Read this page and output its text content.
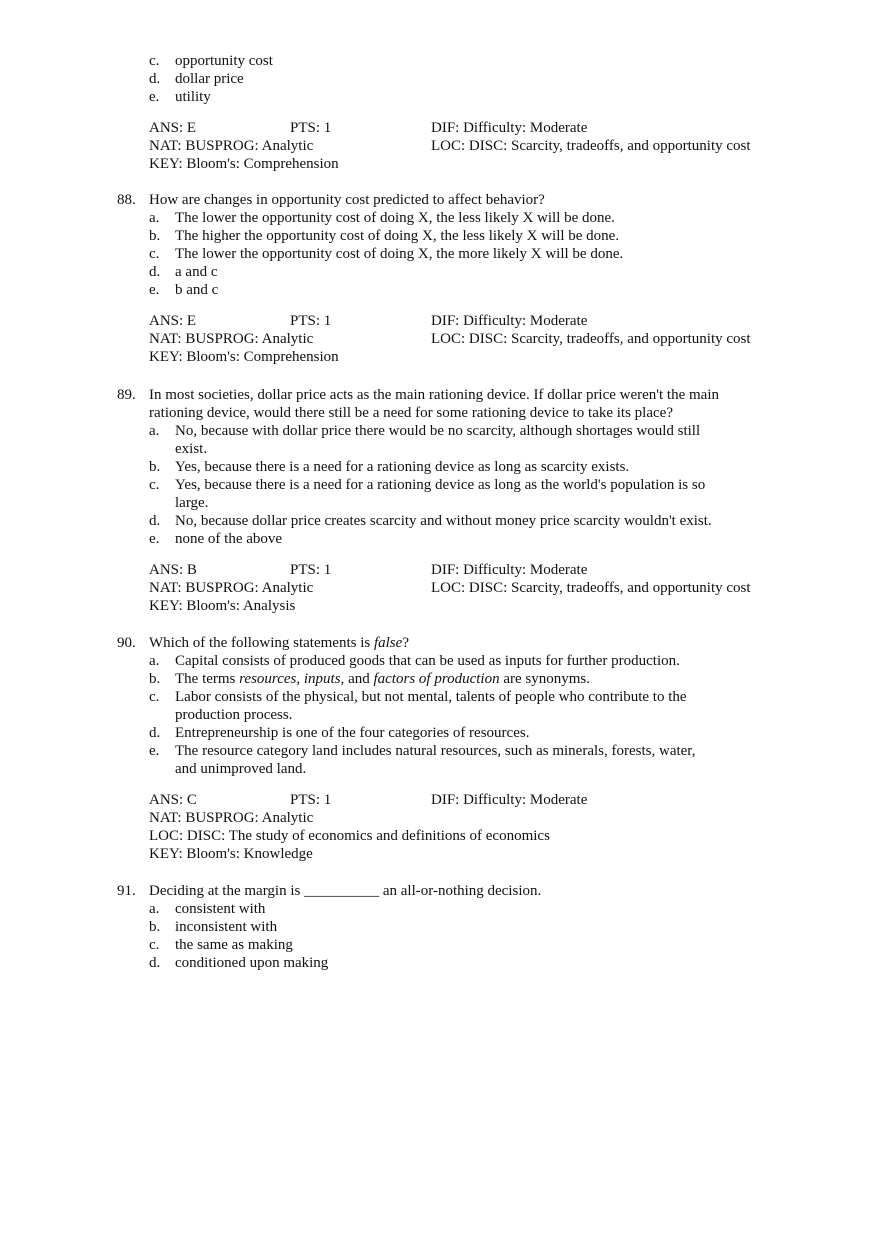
c. opportunity cost
d. dollar price
e. utility
ANS: E	PTS: 1	DIF: Difficulty: Moderate
NAT: BUSPROG: Analytic	LOC: DISC: Scarcity, tradeoffs, and opportunity cost
KEY: Bloom's: Comprehension
88. How are changes in opportunity cost predicted to affect behavior?
a. The lower the opportunity cost of doing X, the less likely X will be done.
b. The higher the opportunity cost of doing X, the less likely X will be done.
c. The lower the opportunity cost of doing X, the more likely X will be done.
d. a and c
e. b and c
ANS: E	PTS: 1	DIF: Difficulty: Moderate
NAT: BUSPROG: Analytic	LOC: DISC: Scarcity, tradeoffs, and opportunity cost
KEY: Bloom's: Comprehension
89. In most societies, dollar price acts as the main rationing device. If dollar price weren't the main
rationing device, would there still be a need for some rationing device to take its place?
a. No, because with dollar price there would be no scarcity, although shortages would still
exist.
b. Yes, because there is a need for a rationing device as long as scarcity exists.
c. Yes, because there is a need for a rationing device as long as the world's population is so
large.
d. No, because dollar price creates scarcity and without money price scarcity wouldn't exist.
e. none of the above
ANS: B	PTS: 1	DIF: Difficulty: Moderate
NAT: BUSPROG: Analytic	LOC: DISC: Scarcity, tradeoffs, and opportunity cost
KEY: Bloom's: Analysis
90. Which of the following statements is false?
a. Capital consists of produced goods that can be used as inputs for further production.
b. The terms resources, inputs, and factors of production are synonyms.
c. Labor consists of the physical, but not mental, talents of people who contribute to the
production process.
d. Entrepreneurship is one of the four categories of resources.
e. The resource category land includes natural resources, such as minerals, forests, water,
and unimproved land.
ANS: C	PTS: 1	DIF: Difficulty: Moderate
NAT: BUSPROG: Analytic
LOC: DISC: The study of economics and definitions of economics
KEY: Bloom's: Knowledge
91. Deciding at the margin is __________ an all-or-nothing decision.
a. consistent with
b. inconsistent with
c. the same as making
d. conditioned upon making
